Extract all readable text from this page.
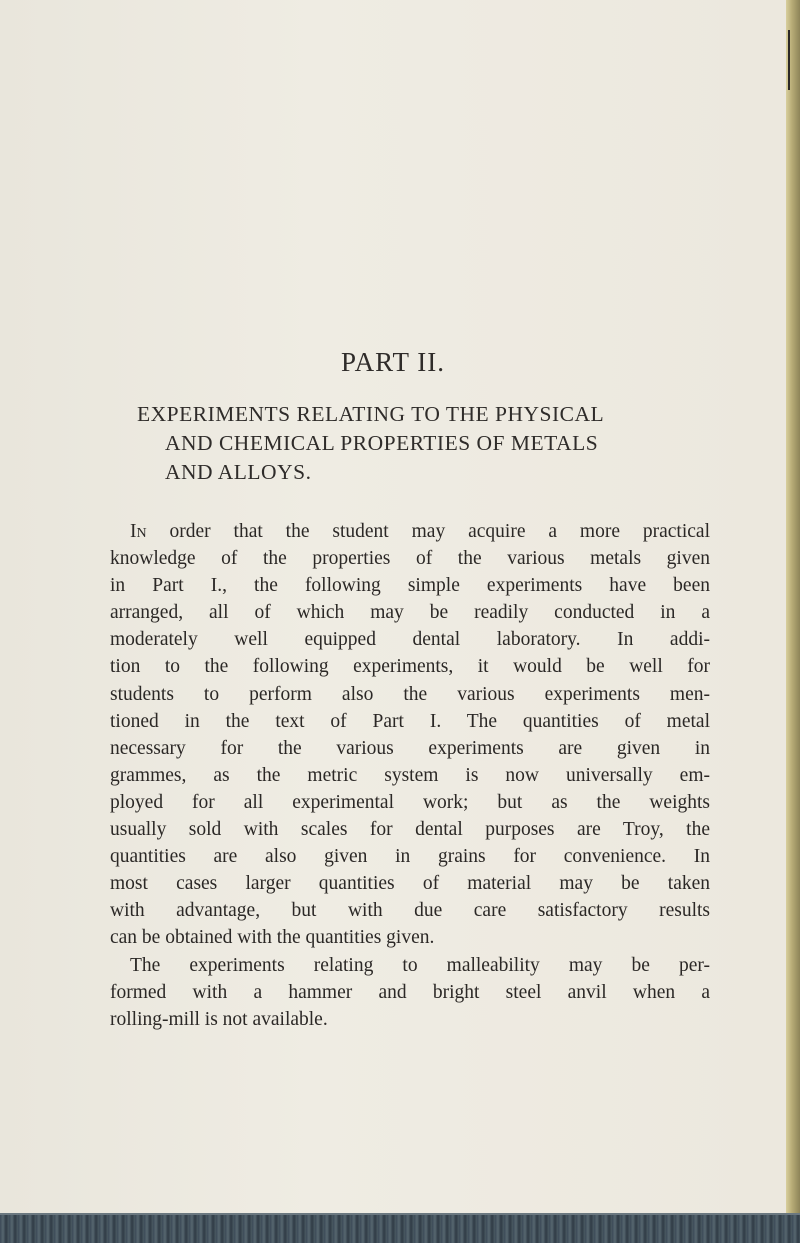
PART II.
EXPERIMENTS RELATING TO THE PHYSICAL
AND CHEMICAL PROPERTIES OF METALS
AND ALLOYS.
In order that the student may acquire a more practical
knowledge of the properties of the various metals given
in Part I., the following simple experiments have been
arranged, all of which may be readily conducted in a
moderately well equipped dental laboratory. In addi-
tion to the following experiments, it would be well for
students to perform also the various experiments men-
tioned in the text of Part I. The quantities of metal
necessary for the various experiments are given in
grammes, as the metric system is now universally em-
ployed for all experimental work; but as the weights
usually sold with scales for dental purposes are Troy, the
quantities are also given in grains for convenience. In
most cases larger quantities of material may be taken
with advantage, but with due care satisfactory results
can be obtained with the quantities given.
The experiments relating to malleability may be per-
formed with a hammer and bright steel anvil when a
rolling-mill is not available.
